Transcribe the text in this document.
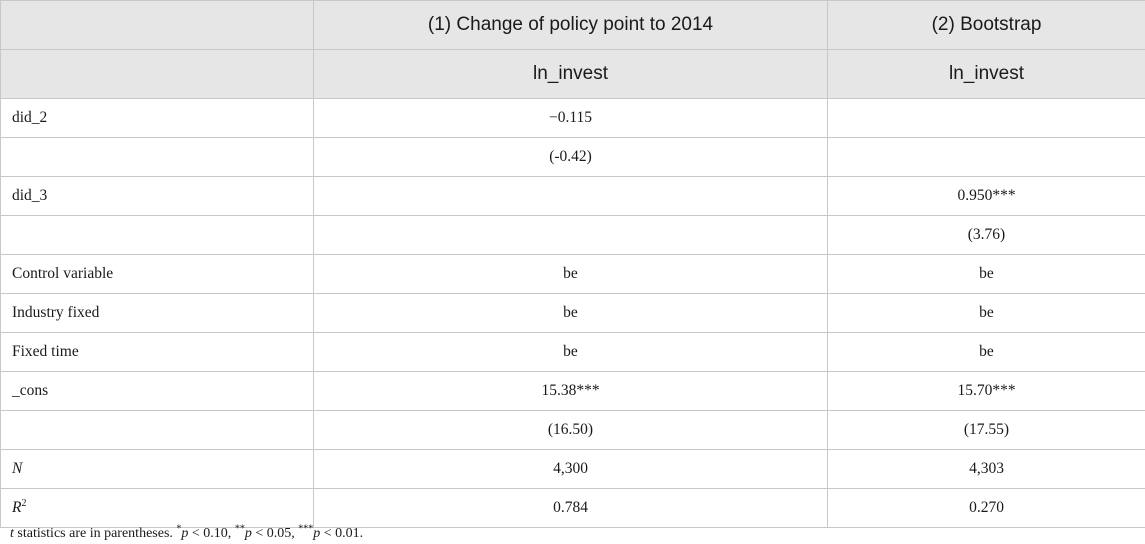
	(1) Change of policy point to 2014	(2) Bootstrap
	ln_invest	ln_invest
did_2	−0.115	
	(-0.42)	
did_3		0.950***
		(3.76)
Control variable	be	be
Industry fixed	be	be
Fixed time	be	be
_cons	15.38***	15.70***
	(16.50)	(17.55)
N	4,300	4,303
$R^2$	0.784	0.270
t statistics are in parentheses. *p < 0.10, **p < 0.05, ***p < 0.01.
